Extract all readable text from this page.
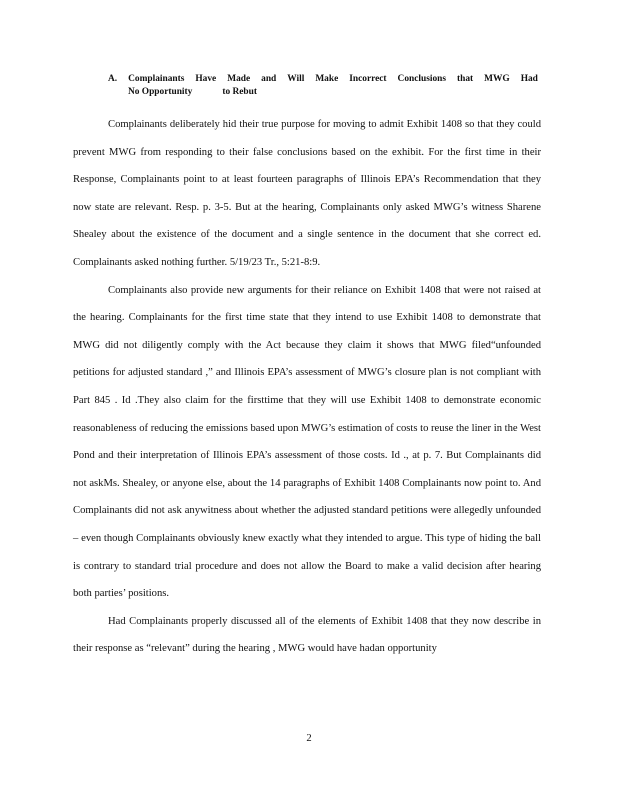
A. Complainants Have Made and Will Make Incorrect Conclusions that MWG Had
No Opportunity	to Rebut

Complainants deliberately hid their true purpose for moving to admit Exhibit 1408 so that they could prevent MWG from responding to their false conclusions based on the exhibit. For the first time in their Response, Complainants point to at least fourteen paragraphs of Illinois EPA’s Recommendation that they now state are relevant. Resp. p. 3-5. But at the hearing, Complainants only asked MWG’s witness Sharene Shealey about the existence of the document and a single sentence in the document that she correct ed. Complainants asked nothing further. 5/19/23 Tr., 5:21-8:9.

Complainants also provide new arguments for their reliance on Exhibit 1408 that were not raised at the hearing. Complainants for the first time state that they intend to use Exhibit 1408 to demonstrate that MWG did not diligently comply with the Act because they claim it shows that MWG filed“unfounded petitions for adjusted standard ,” and Illinois EPA’s assessment of MWG’s closure plan is not compliant with Part 845 . Id .They also claim for the firsttime that they will use Exhibit 1408 to demonstrate economic reasonableness of reducing the emissions based upon MWG’s estimation of costs to reuse the liner in the West Pond and their interpretation of Illinois EPA’s assessment of those costs. Id ., at p. 7. But Complainants did not askMs. Shealey, or anyone else, about the 14 paragraphs of Exhibit 1408 Complainants now point to. And Complainants did not ask anywitness about whether the adjusted standard petitions were allegedly unfounded – even though Complainants obviously knew exactly what they intended to argue. This type of hiding the ball is contrary to standard trial procedure and does not allow the Board to make a valid decision after hearing both parties’ positions.

Had Complainants properly discussed all of the elements of Exhibit 1408 that they now describe in their response as “relevant” during the hearing , MWG would have hadan opportunity

2
